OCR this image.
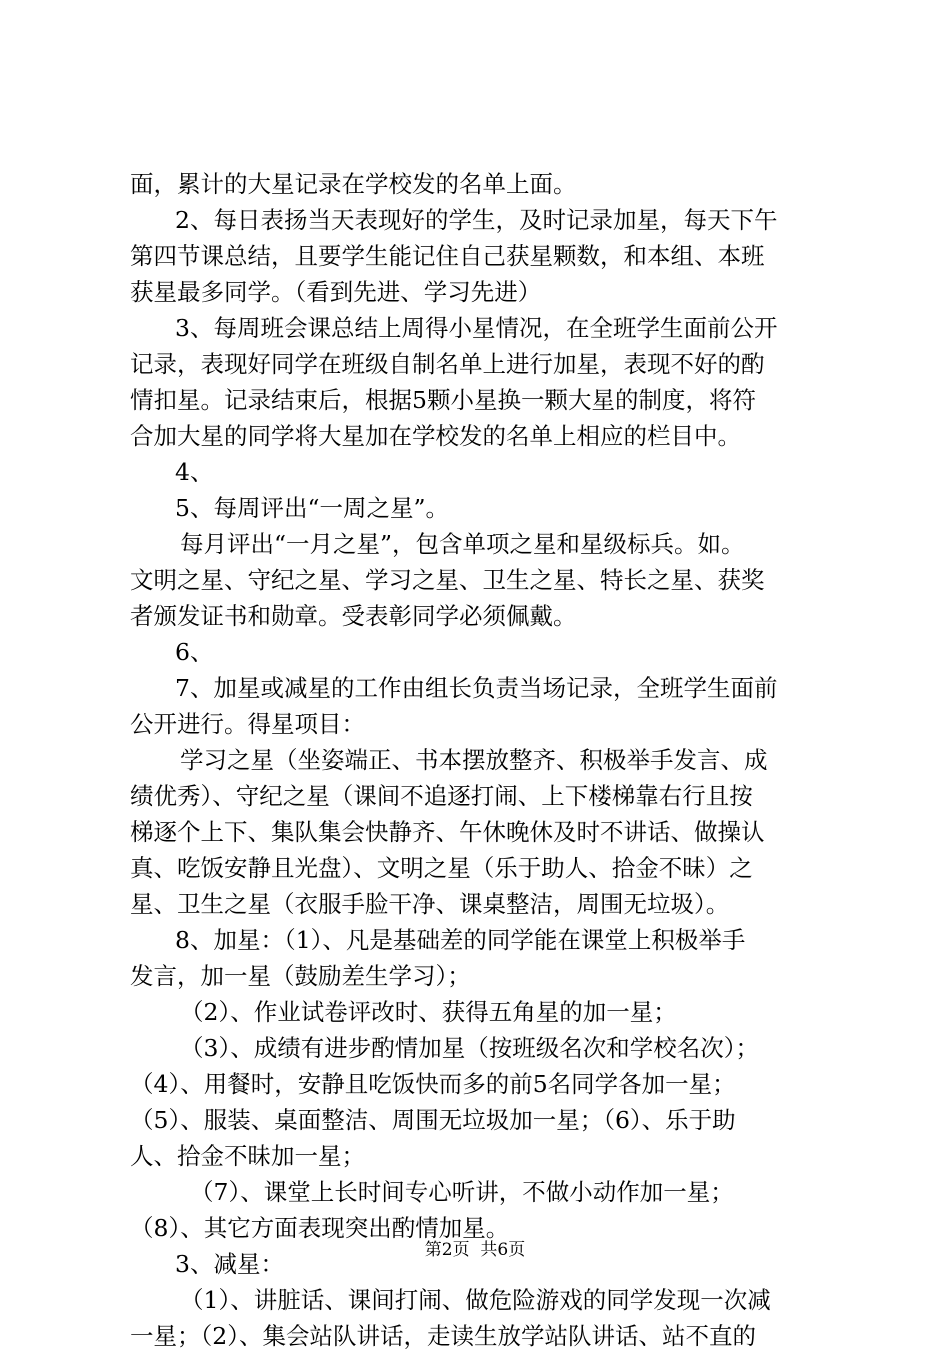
面，累计的大星记录在学校发的名单上面。
2、每日表扬当天表现好的学生，及时记录加星，每天下午
第四节课总结，且要学生能记住自己获星颗数，和本组、本班
获星最多同学。（看到先进、学习先进）
3、每周班会课总结上周得小星情况，在全班学生面前公开
记录，表现好同学在班级自制名单上进行加星，表现不好的酌
情扣星。记录结束后，根据5颗小星换一颗大星的制度，将符
合加大星的同学将大星加在学校发的名单上相应的栏目中。
4、
5、每周评出“一周之星”。
每月评出“一月之星”，包含单项之星和星级标兵。如。
文明之星、守纪之星、学习之星、卫生之星、特长之星、获奖
者颁发证书和勋章。受表彰同学必须佩戴。
6、
7、加星或减星的工作由组长负责当场记录，全班学生面前
公开进行。得星项目：
学习之星（坐姿端正、书本摆放整齐、积极举手发言、成
绩优秀）、守纪之星（课间不追逐打闹、上下楼梯靠右行且按
梯逐个上下、集队集会快静齐、午休晚休及时不讲话、做操认
真、吃饭安静且光盘）、文明之星（乐于助人、拾金不昧）之
星、卫生之星（衣服手脸干净、课桌整洁，周围无垃圾）。
8、加星：（1）、凡是基础差的同学能在课堂上积极举手
发言，加一星（鼓励差生学习）；
（2）、作业试卷评改时、获得五角星的加一星；
（3）、成绩有进步酌情加星（按班级名次和学校名次）；
（4）、用餐时，安静且吃饭快而多的前5名同学各加一星；
（5）、服装、桌面整洁、周围无垃圾加一星；（6）、乐于助
人、拾金不昧加一星；
（7）、课堂上长时间专心听讲，不做小动作加一星；
（8）、其它方面表现突出酌情加星。
3、减星：
（1）、讲脏话、课间打闹、做危险游戏的同学发现一次减
一星；（2）、集会站队讲话，走读生放学站队讲话、站不直的
第2页  共6页
